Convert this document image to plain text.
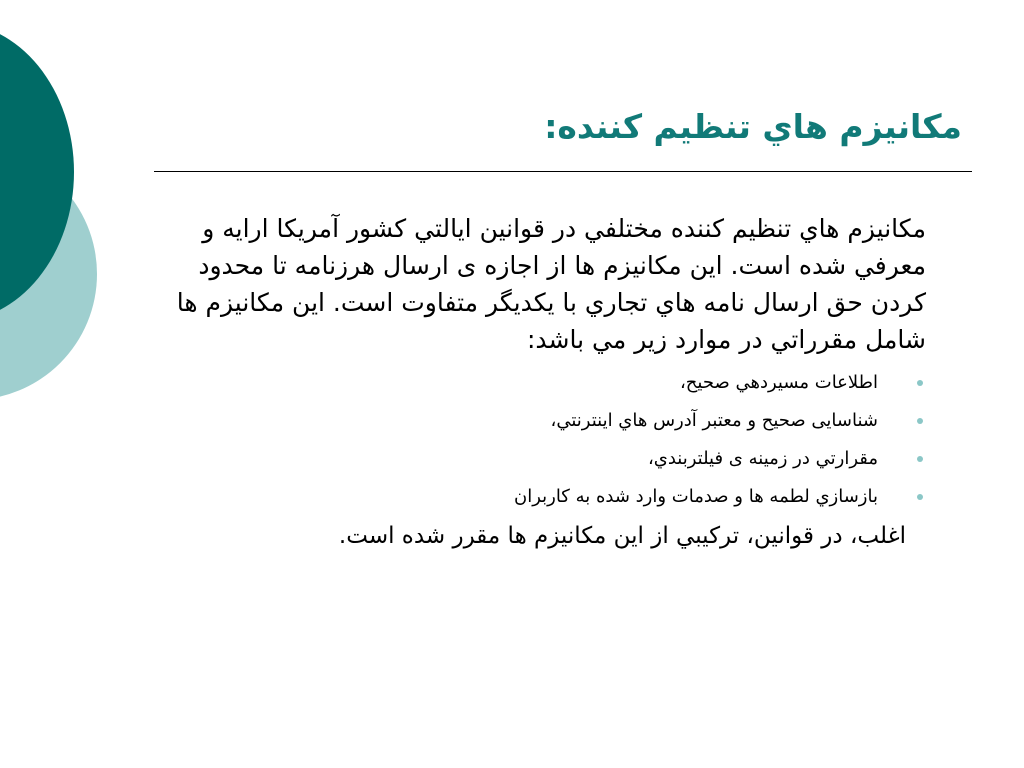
مكانيزم هاي تنظيم كننده:

مكانيزم هاي تنظيم كننده مختلفي در قوانين ايالتي كشور آمريكا ارايه و معرفي شده است. اين مكانيزم ها از اجازه ی ارسال هرزنامه تا محدود كردن حق ارسال نامه هاي تجاري با يكديگر متفاوت است. اين مكانيزم ها شامل مقرراتي در موارد زير مي باشد:

اطلاعات مسيردهي صحيح،
شناسایی صحیح و معتبر آدرس هاي اينترنتي،
مقرارتي در زمينه ی فيلتربندي،
بازسازي لطمه ها و صدمات وارد شده به كاربران

اغلب، در قوانين، تركيبي از اين مكانيزم ها مقرر شده است.
